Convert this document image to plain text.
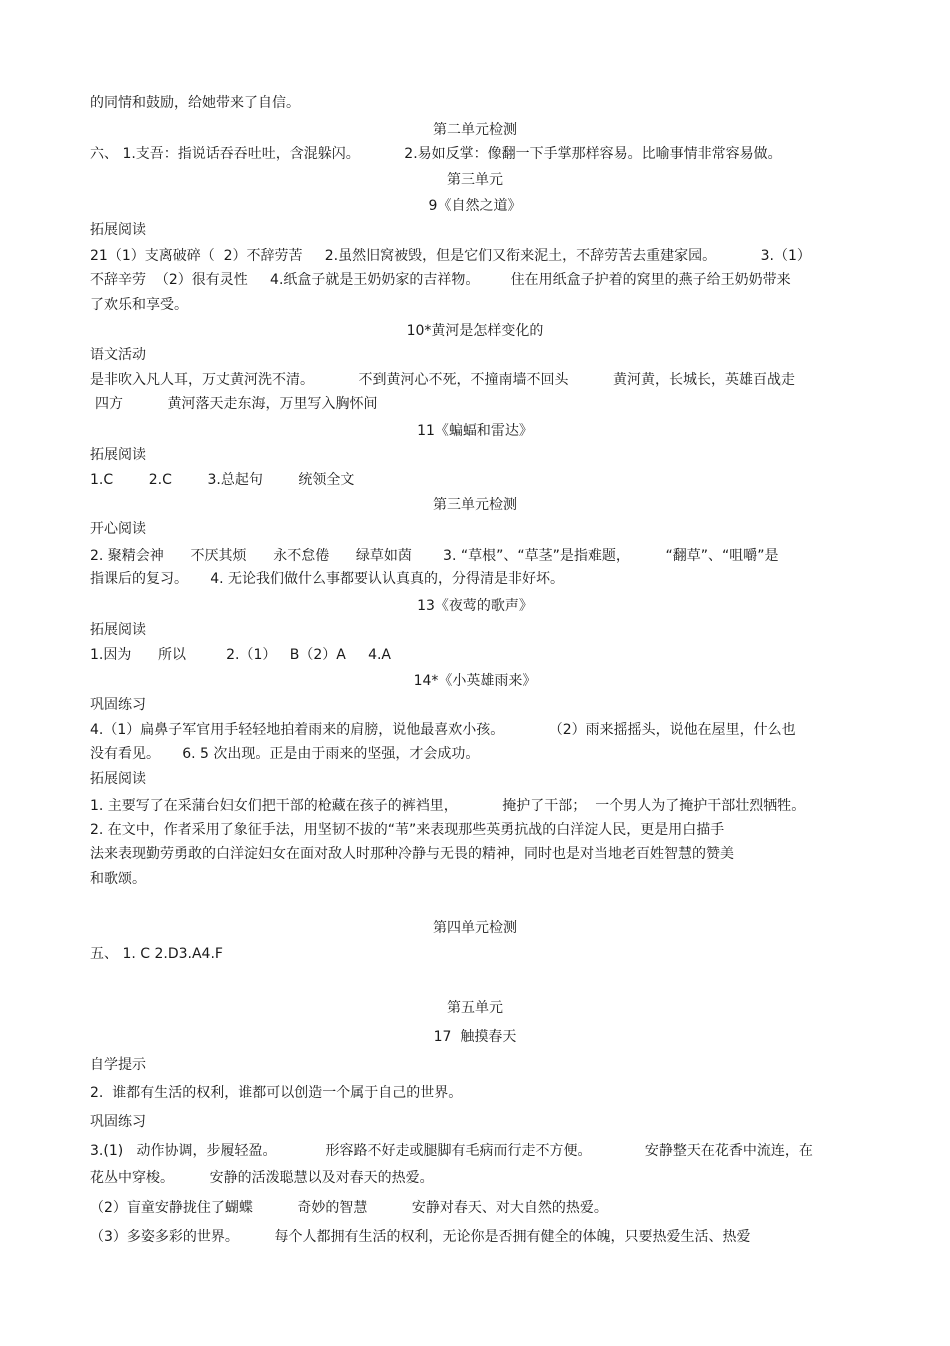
的同情和鼓励，给她带来了自信。
第二单元检测
六、 1.支吾：指说话吞吞吐吐，含混躲闪。          2.易如反掌：像翻一下手掌那样容易。比喻事情非常容易做。
第三单元
9《自然之道》
拓展阅读
21（1）支离破碎（  2）不辞劳苦     2.虽然旧窝被毁，但是它们又衔来泥土，不辞劳苦去重建家园。          3.（1）
不辞辛劳  （2）很有灵性     4.纸盒子就是王奶奶家的吉祥物。       住在用纸盒子护着的窝里的燕子给王奶奶带来
了欢乐和享受。
10*黄河是怎样变化的
语文活动
是非吹入凡人耳，万丈黄河洗不清。          不到黄河心不死，不撞南墙不回头          黄河黄，长城长，英雄百战走
四方          黄河落天走东海，万里写入胸怀间
11《蝙蝠和雷达》
拓展阅读
1.C        2.C        3.总起句        统领全文
第三单元检测
开心阅读
2. 聚精会神      不厌其烦      永不怠倦      绿草如茵       3. “草根”、“草茎”是指难题，        “翻草”、“咀嚼”是
指课后的复习。     4. 无论我们做什么事都要认认真真的，分得清是非好坏。
13《夜莺的歌声》
拓展阅读
1.因为      所以         2.（1）   B（2）A     4.A
14*《小英雄雨来》
巩固练习
4.（1）扁鼻子军官用手轻轻地拍着雨来的肩膀，说他最喜欢小孩。          （2）雨来摇摇头，说他在屋里，什么也
没有看见。     6. 5 次出现。正是由于雨来的坚强，才会成功。
拓展阅读
1. 主要写了在采蒲台妇女们把干部的枪藏在孩子的裤裆里，          掩护了干部；  一个男人为了掩护干部壮烈牺牲。
2. 在文中，作者采用了象征手法，用坚韧不拔的“苇”来表现那些英勇抗战的白洋淀人民，更是用白描手
法来表现勤劳勇敢的白洋淀妇女在面对敌人时那种冷静与无畏的精神，同时也是对当地老百姓智慧的赞美
和歌颂。
第四单元检测
五、 1. C 2.D3.A4.F
第五单元
17  触摸春天
自学提示
2.  谁都有生活的权利，谁都可以创造一个属于自己的世界。
巩固练习
3.(1)   动作协调，步履轻盈。           形容路不好走或腿脚有毛病而行走不方便。            安静整天在花香中流连，在
花丛中穿梭。        安静的活泼聪慧以及对春天的热爱。
（2）盲童安静拢住了蝴蝶          奇妙的智慧          安静对春天、对大自然的热爱。
（3）多姿多彩的世界。        每个人都拥有生活的权利，无论你是否拥有健全的体魄，只要热爱生活、热爱
